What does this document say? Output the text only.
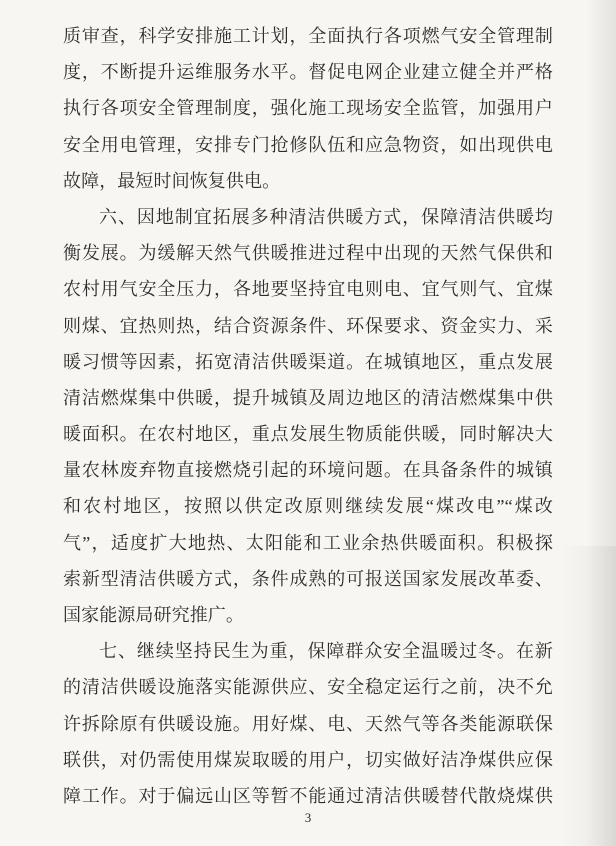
质审查，科学安排施工计划，全面执行各项燃气安全管理制
度，不断提升运维服务水平。督促电网企业建立健全并严格
执行各项安全管理制度，强化施工现场安全监管，加强用户
安全用电管理，安排专门抢修队伍和应急物资，如出现供电
故障，最短时间恢复供电。
六、因地制宜拓展多种清洁供暖方式，保障清洁供暖均
衡发展。为缓解天然气供暖推进过程中出现的天然气保供和
农村用气安全压力，各地要坚持宜电则电、宜气则气、宜煤
则煤、宜热则热，结合资源条件、环保要求、资金实力、采
暖习惯等因素，拓宽清洁供暖渠道。在城镇地区，重点发展
清洁燃煤集中供暖，提升城镇及周边地区的清洁燃煤集中供
暖面积。在农村地区，重点发展生物质能供暖，同时解决大
量农林废弃物直接燃烧引起的环境问题。在具备条件的城镇
和农村地区，按照以供定改原则继续发展“煤改电”“煤改
气”，适度扩大地热、太阳能和工业余热供暖面积。积极探
索新型清洁供暖方式，条件成熟的可报送国家发展改革委、
国家能源局研究推广。
七、继续坚持民生为重，保障群众安全温暖过冬。在新
的清洁供暖设施落实能源供应、安全稳定运行之前，决不允
许拆除原有供暖设施。用好煤、电、天然气等各类能源联保
联供，对仍需使用煤炭取暖的用户，切实做好洁净煤供应保
障工作。对于偏远山区等暂不能通过清洁供暖替代散烧煤供
3
